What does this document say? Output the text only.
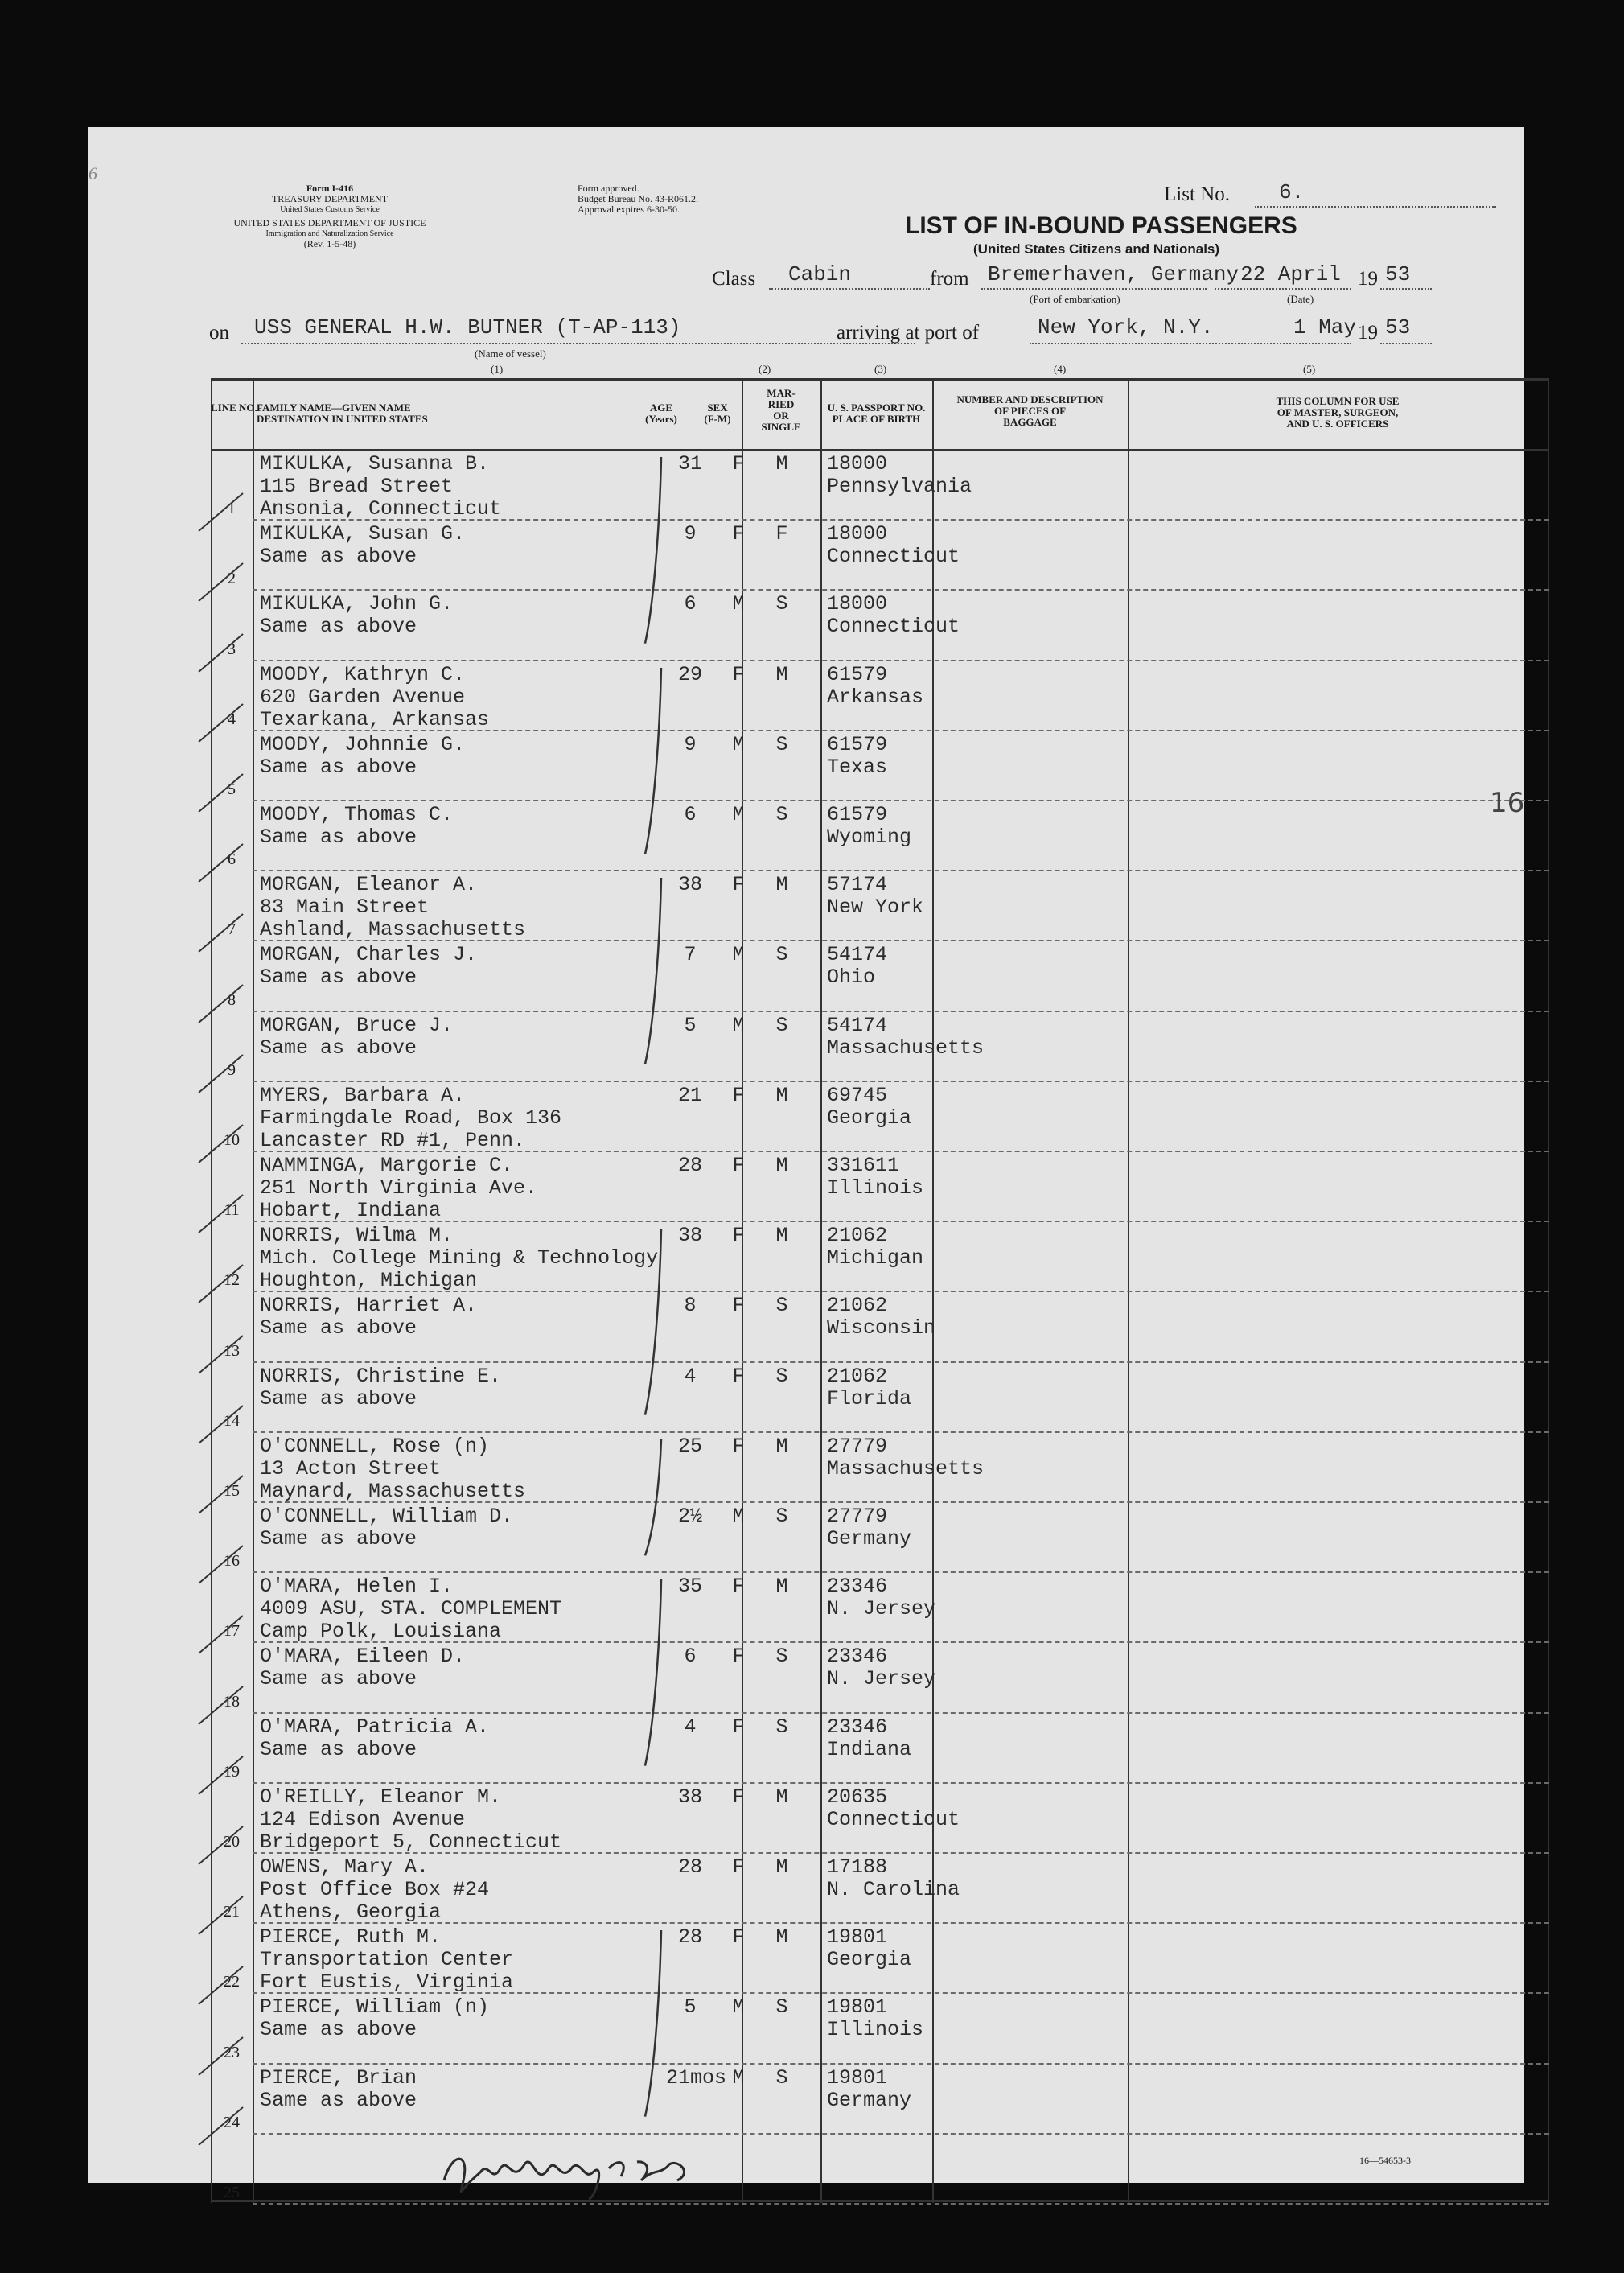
Form I-416
TREASURY DEPARTMENT
United States Customs Service
UNITED STATES DEPARTMENT OF JUSTICE
Immigration and Naturalization Service
(Rev. 1-5-48)
Form approved.
Budget Bureau No. 43-R061.2.
Approval expires 6-30-50.
6
List No. 6.
LIST OF IN-BOUND PASSENGERS
(United States Citizens and Nationals)
Class Cabin	from Bremerhaven, Germany
(Port of embarkation)
22 April
(Date)
19 53
on USS GENERAL H.W. BUTNER (T-AP-113)
(Name of vessel)
arriving at port of	New York, N.Y.	1 May 19 53
(1)	(2)	(3)	(4)	(5)
LINE NO. FAMILY NAME—GIVEN NAME
DESTINATION IN UNITED STATES
AGE
(Years)
SEX
(F-M)
MAR-
RIED
OR
SINGLE
U. S. PASSPORT NO.
PLACE OF BIRTH
NUMBER AND DESCRIPTION
OF PIECES OF
BAGGAGE
THIS COLUMN FOR USE
OF MASTER, SURGEON,
AND U. S. OFFICERS
1
MIKULKA, Susanna B.
115 Bread Street
Ansonia, Connecticut
31	F	M	18000
Pennsylvania
2
MIKULKA, Susan G.
Same as above
9	F	F	18000
Connecticut
3
MIKULKA, John G.
Same as above
6	M	S	18000
Connecticut
4
MOODY, Kathryn C.
620 Garden Avenue
Texarkana, Arkansas
29	F	M	61579
Arkansas
5
MOODY, Johnnie G.
Same as above
9	M	S	61579
Texas
6
MOODY, Thomas C.
Same as above
6	M	S	61579
Wyoming
7
MORGAN, Eleanor A.
83 Main Street
Ashland, Massachusetts
38	F	M	57174
New York
8
MORGAN, Charles J.
Same as above
7	M	S	54174
Ohio
9
MORGAN, Bruce J.
Same as above
5	M	S	54174
Massachusetts
10
MYERS, Barbara A.
Farmingdale Road, Box 136
Lancaster RD #1, Penn.
21	F	M	69745
Georgia
11
NAMMINGA, Margorie C.
251 North Virginia Ave.
Hobart, Indiana
28	F	M	331611
Illinois
12
NORRIS, Wilma M.
Mich. College Mining & Technology
Houghton, Michigan
38	F	M	21062
Michigan
13
NORRIS, Harriet A.
Same as above
8	F	S	21062
Wisconsin
14
NORRIS, Christine E.
Same as above
4	F	S	21062
Florida
15
O'CONNELL, Rose (n)
13 Acton Street
Maynard, Massachusetts
25	F	M	27779
Massachusetts
16
O'CONNELL, William D.
Same as above
2½	M	S	27779
Germany
17
O'MARA, Helen I.
4009 ASU, STA. COMPLEMENT
Camp Polk, Louisiana
35	F	M	23346
N. Jersey
18
O'MARA, Eileen D.
Same as above
6	F	S	23346
N. Jersey
19
O'MARA, Patricia A.
Same as above
4	F	S	23346
Indiana
20
O'REILLY, Eleanor M.
124 Edison Avenue
Bridgeport 5, Connecticut
38	F	M	20635
Connecticut
21
OWENS, Mary A.
Post Office Box #24
Athens, Georgia
28	F	M	17188
N. Carolina
22
PIERCE, Ruth M.
Transportation Center
Fort Eustis, Virginia
28	F	M	19801
Georgia
23
PIERCE, William (n)
Same as above
5	M	S	19801
Illinois
24
PIERCE, Brian
Same as above
21mos M	S	19801
Germany
25
16
16—54653-3
